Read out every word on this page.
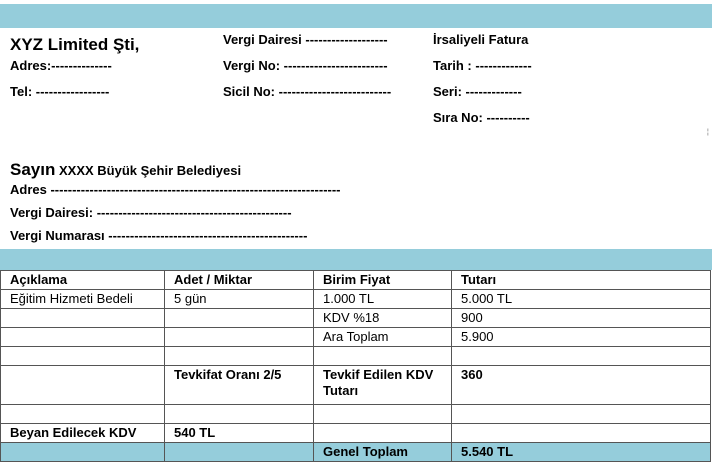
XYZ Limited Şti,
Adres:--------------
Tel: -----------------
Vergi Dairesi -------------------
Vergi No: ------------------------
Sicil No: --------------------------
İrsaliyeli Fatura
Tarih : -------------
Seri: -------------
Sıra No: ----------
¦
Sayın XXXX Büyük Şehir Belediyesi
Adres -------------------------------------------------------------------
Vergi Dairesi: ---------------------------------------------
Vergi Numarası ----------------------------------------------
Açıklama	Adet / Miktar	Birim Fiyat	Tutarı
Eğitim Hizmeti Bedeli	5 gün	1.000 TL	5.000 TL
		KDV %18	900
		Ara Toplam	5.900

	Tevkifat Oranı 2/5	Tevkif Edilen KDV Tutarı	360

Beyan Edilecek KDV	540 TL		
		Genel Toplam	5.540 TL
